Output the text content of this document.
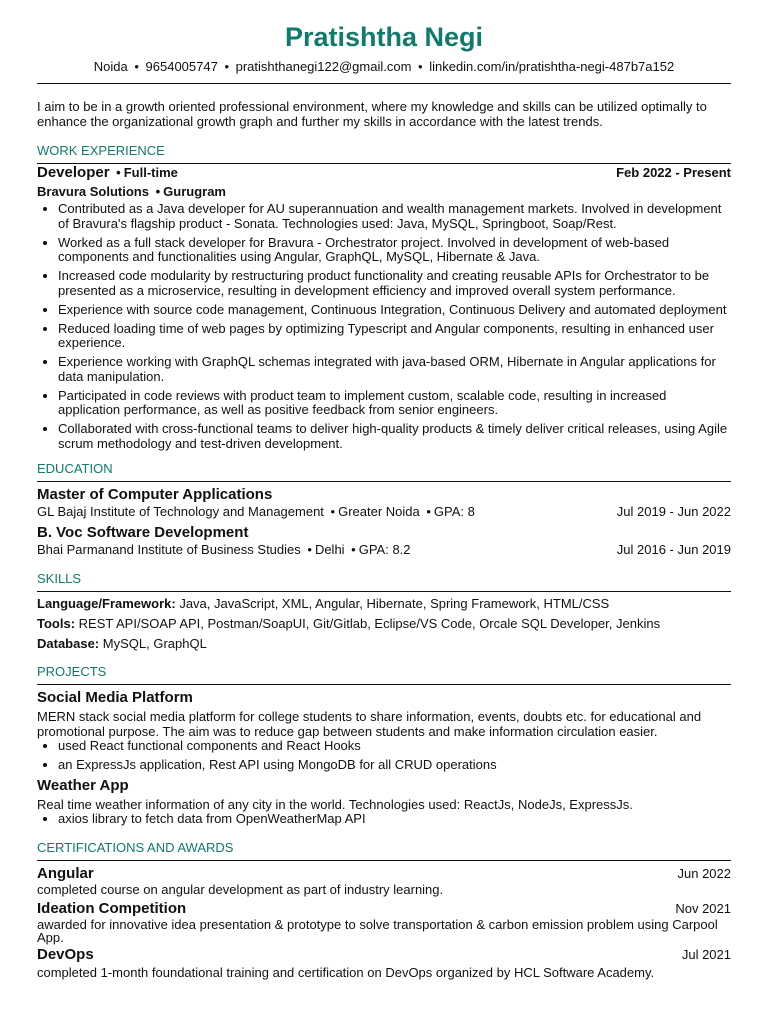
Pratishtha Negi
Noida • 9654005747 • pratishthanegi122@gmail.com • linkedin.com/in/pratishtha-negi-487b7a152
I aim to be in a growth oriented professional environment, where my knowledge and skills can be utilized optimally to enhance the organizational growth graph and further my skills in accordance with the latest trends.
WORK EXPERIENCE
Developer • Full-time	Feb 2022 - Present
Bravura Solutions • Gurugram
• Contributed as a Java developer for AU superannuation and wealth management markets. Involved in development of Bravura's flagship product - Sonata. Technologies used: Java, MySQL, Springboot, Soap/Rest.
• Worked as a full stack developer for Bravura - Orchestrator project. Involved in development of web-based components and functionalities using Angular, GraphQL, MySQL, Hibernate & Java.
• Increased code modularity by restructuring product functionality and creating reusable APIs for Orchestrator to be presented as a microservice, resulting in development efficiency and improved overall system performance.
• Experience with source code management, Continuous Integration, Continuous Delivery and automated deployment
• Reduced loading time of web pages by optimizing Typescript and Angular components, resulting in enhanced user experience.
• Experience working with GraphQL schemas integrated with java-based ORM, Hibernate in Angular applications for data manipulation.
• Participated in code reviews with product team to implement custom, scalable code, resulting in increased application performance, as well as positive feedback from senior engineers.
• Collaborated with cross-functional teams to deliver high-quality products & timely deliver critical releases, using Agile scrum methodology and test-driven development.
EDUCATION
Master of Computer Applications
GL Bajaj Institute of Technology and Management • Greater Noida • GPA: 8	Jul 2019 - Jun 2022
B. Voc Software Development
Bhai Parmanand Institute of Business Studies • Delhi • GPA: 8.2	Jul 2016 - Jun 2019
SKILLS
Language/Framework: Java, JavaScript, XML, Angular, Hibernate, Spring Framework, HTML/CSS
Tools: REST API/SOAP API, Postman/SoapUI, Git/Gitlab, Eclipse/VS Code, Orcale SQL Developer, Jenkins
Database: MySQL, GraphQL
PROJECTS
Social Media Platform
MERN stack social media platform for college students to share information, events, doubts etc. for educational and promotional purpose. The aim was to reduce gap between students and make information circulation easier.
• used React functional components and React Hooks
• an ExpressJs application, Rest API using MongoDB for all CRUD operations
Weather App
Real time weather information of any city in the world. Technologies used: ReactJs, NodeJs, ExpressJs.
• axios library to fetch data from OpenWeatherMap API
CERTIFICATIONS AND AWARDS
Angular	Jun 2022
completed course on angular development as part of industry learning.
Ideation Competition	Nov 2021
awarded for innovative idea presentation & prototype to solve transportation & carbon emission problem using Carpool App.
DevOps	Jul 2021
completed 1-month foundational training and certification on DevOps organized by HCL Software Academy.
